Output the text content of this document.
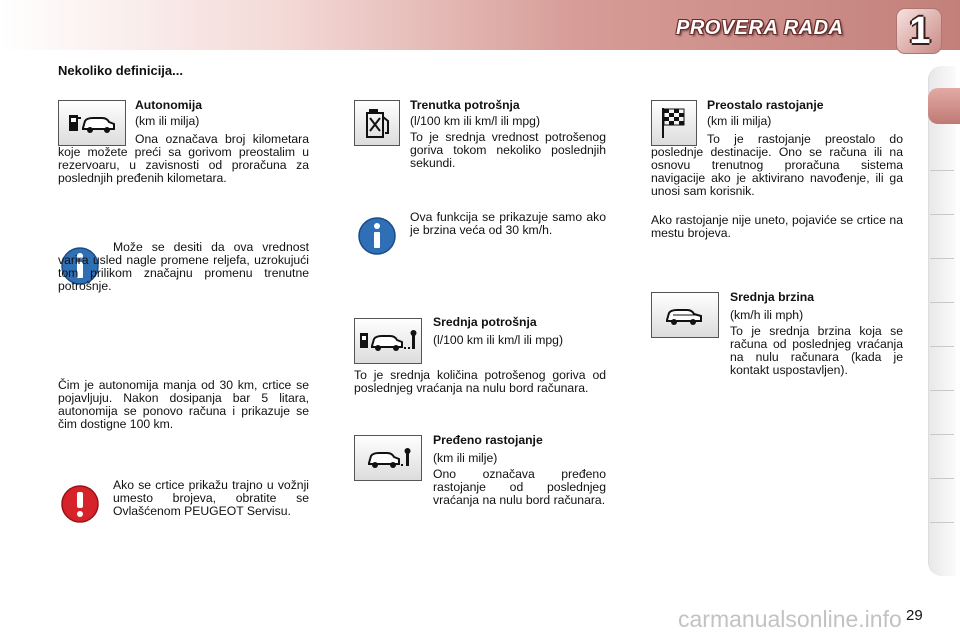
PROVERA RADA	1
Nekoliko definicija...

Autonomija

(km ili milja)

Ona označava broj kilometara koje možete preći sa gorivom preostalim u rezervoaru, u zavisnosti od proračuna za poslednjih pređenih kilometara.
Može se desiti da ova vrednost varira usled nagle promene reljefa, uzrokujući tom prilikom značajnu promenu trenutne potrošnje.
Čim je autonomija manja od 30 km, crtice se pojavljuju. Nakon dosipanja bar 5 litara, autonomija se ponovo računa i prikazuje se čim dostigne 100 km.
Ako se crtice prikažu trajno u vožnji umesto brojeva, obratite se Ovlašćenom PEUGEOT Servisu.

Trenutka potrošnja

(l/100 km ili km/l ili mpg)

To je srednja vrednost potrošenog goriva tokom nekoliko poslednjih sekundi.

Ova funkcija se prikazuje samo ako je brzina veća od 30 km/h.

Srednja potrošnja

(l/100 km ili km/l ili mpg)

To je srednja količina potrošenog goriva od poslednjeg vraćanja na nulu bord računara.

Pređeno rastojanje

(km ili milje)

Ono označava pređeno rastojanje od poslednjeg vraćanja na nulu bord računara.

Preostalo rastojanje

(km ili milja)

To je rastojanje preostalo do poslednje destinacije. Ono se računa ili na osnovu trenutnog proračuna sistema navigacije ako je aktivirano navođenje, ili ga unosi sam korisnik.
Ako rastojanje nije uneto, pojaviće se crtice na mestu brojeva.

Srednja brzina

(km/h ili mph)

To je srednja brzina koja se računa od poslednjeg vraćanja na nulu računara (kada je kontakt uspostavljen).

carmanualsonline.info 29
